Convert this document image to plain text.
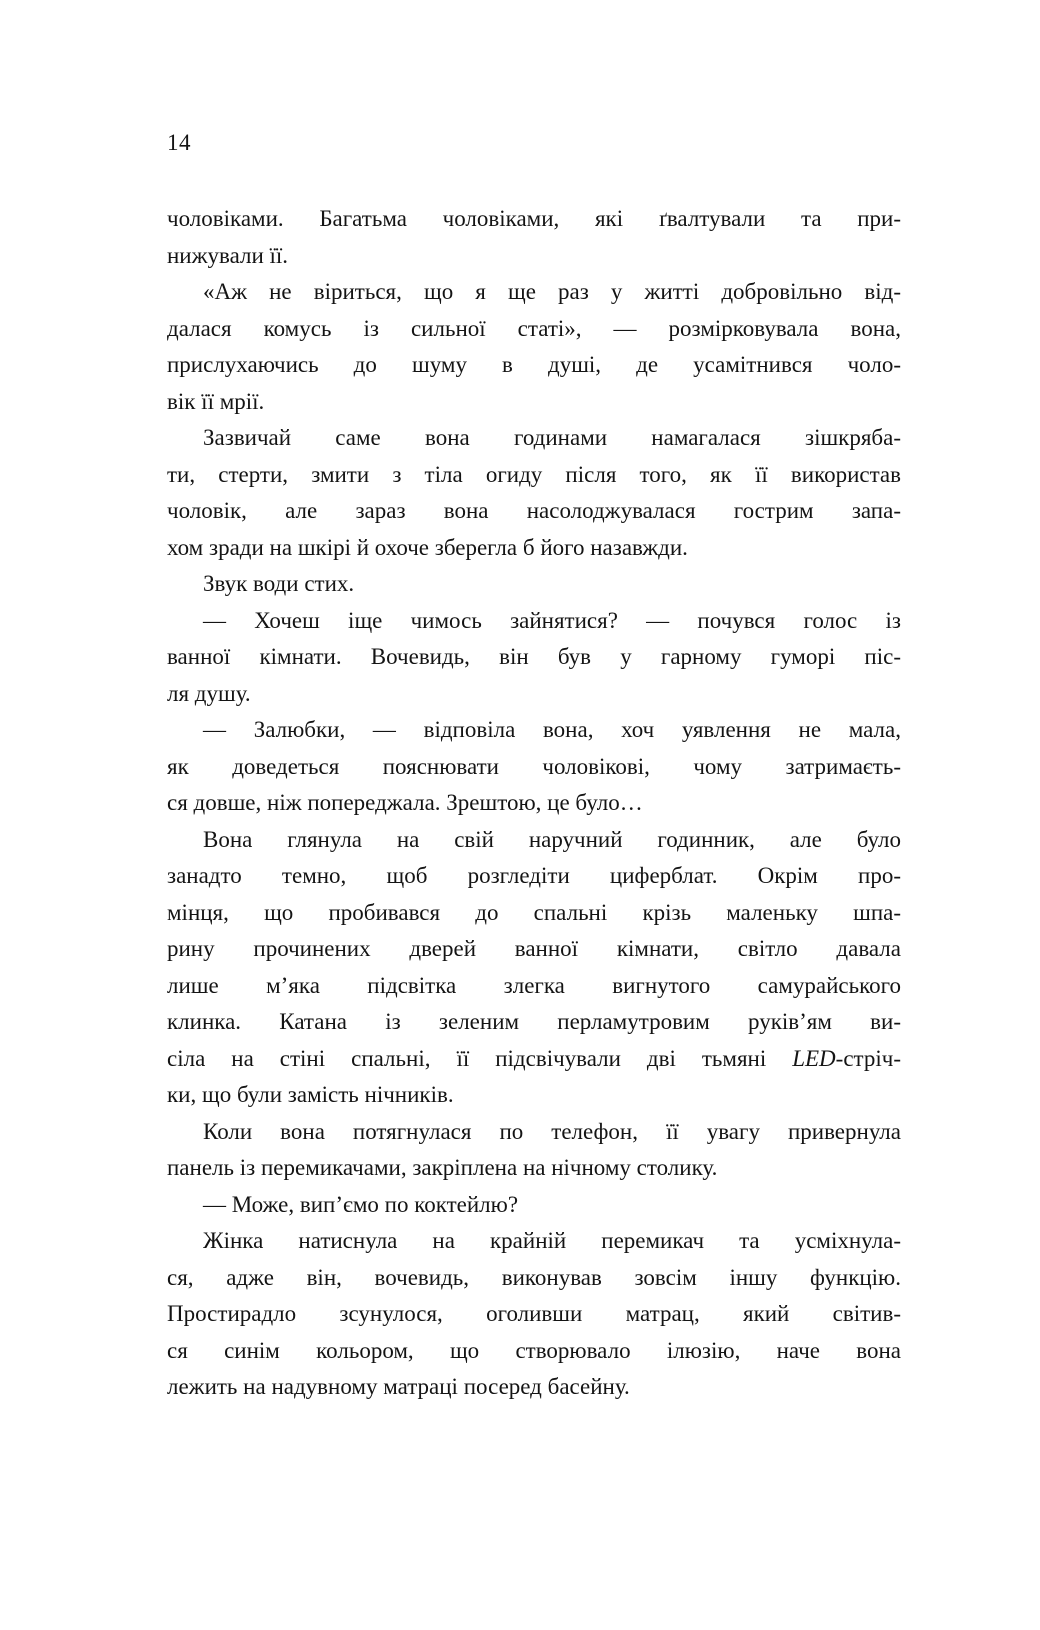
14
чоловіками. Багатьма чоловіками, які ґвалтували та при-
нижували її.
«Аж не віриться, що я ще раз у житті добровільно від-
далася комусь із сильної статі», — розмірковувала вона,
прислухаючись до шуму в душі, де усамітнився чоло-
вік її мрії.
Зазвичай саме вона годинами намагалася зішкряба-
ти, стерти, змити з тіла огиду після того, як її використав
чоловік, але зараз вона насолоджувалася гострим запа-
хом зради на шкірі й охоче зберегла б його назавжди.
Звук води стих.
— Хочеш іще чимось зайнятися? — почувся голос із
ванної кімнати. Вочевидь, він був у гарному гуморі піс-
ля душу.
— Залюбки, — відповіла вона, хоч уявлення не мала,
як доведеться пояснювати чоловікові, чому затримаєть-
ся довше, ніж попереджала. Зрештою, це було…
Вона глянула на свій наручний годинник, але було
занадто темно, щоб розгледіти циферблат. Окрім про-
мінця, що пробивався до спальні крізь маленьку шпа-
рину прочинених дверей ванної кімнати, світло давала
лише м’яка підсвітка злегка вигнутого самурайського
клинка. Катана із зеленим перламутровим руків’ям ви-
сіла на стіні спальні, її підсвічували дві тьмяні LED-стріч-
ки, що були замість нічників.
Коли вона потягнулася по телефон, її увагу привернула
панель із перемикачами, закріплена на нічному столику.
— Може, вип’ємо по коктейлю?
Жінка натиснула на крайній перемикач та усміхнула-
ся, адже він, вочевидь, виконував зовсім іншу функцію.
Простирадло зсунулося, оголивши матрац, який світив-
ся синім кольором, що створювало ілюзію, наче вона
лежить на надувному матраці посеред басейну.
